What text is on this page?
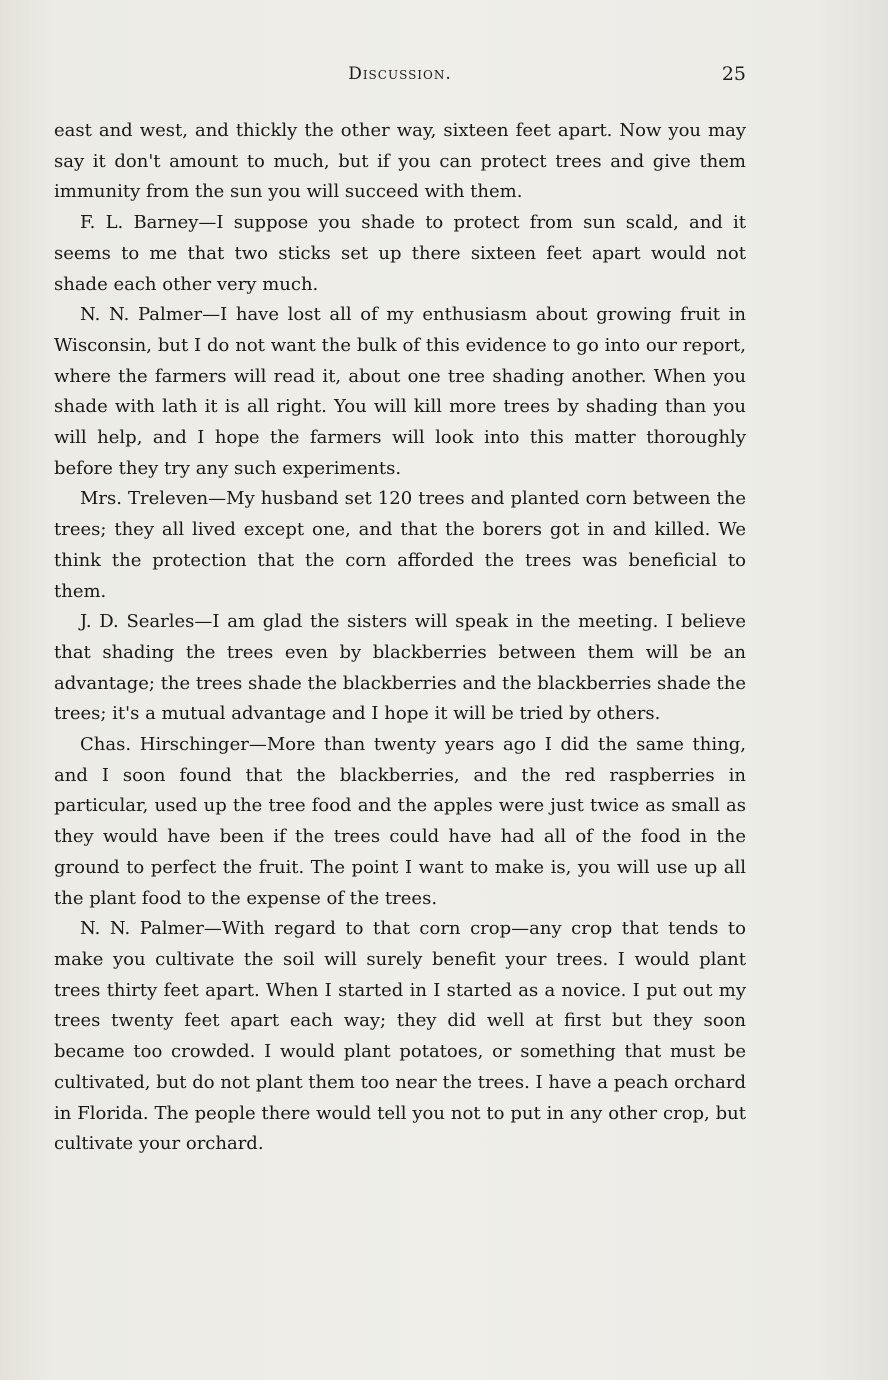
Discussion.	25

east and west, and thickly the other way, sixteen feet apart. Now you may say it don't amount to much, but if you can protect trees and give them immunity from the sun you will succeed with them.

F. L. Barney—I suppose you shade to protect from sun scald, and it seems to me that two sticks set up there sixteen feet apart would not shade each other very much.

N. N. Palmer—I have lost all of my enthusiasm about growing fruit in Wisconsin, but I do not want the bulk of this evidence to go into our report, where the farmers will read it, about one tree shading another. When you shade with lath it is all right. You will kill more trees by shading than you will help, and I hope the farmers will look into this matter thoroughly before they try any such experiments.

Mrs. Treleven—My husband set 120 trees and planted corn between the trees; they all lived except one, and that the borers got in and killed. We think the protection that the corn afforded the trees was beneficial to them.

J. D. Searles—I am glad the sisters will speak in the meeting. I believe that shading the trees even by blackberries between them will be an advantage; the trees shade the blackberries and the blackberries shade the trees; it's a mutual advantage and I hope it will be tried by others.

Chas. Hirschinger—More than twenty years ago I did the same thing, and I soon found that the blackberries, and the red raspberries in particular, used up the tree food and the apples were just twice as small as they would have been if the trees could have had all of the food in the ground to perfect the fruit. The point I want to make is, you will use up all the plant food to the expense of the trees.

N. N. Palmer—With regard to that corn crop—any crop that tends to make you cultivate the soil will surely benefit your trees. I would plant trees thirty feet apart. When I started in I started as a novice. I put out my trees twenty feet apart each way; they did well at first but they soon became too crowded. I would plant potatoes, or something that must be cultivated, but do not plant them too near the trees. I have a peach orchard in Florida. The people there would tell you not to put in any other crop, but cultivate your orchard.
